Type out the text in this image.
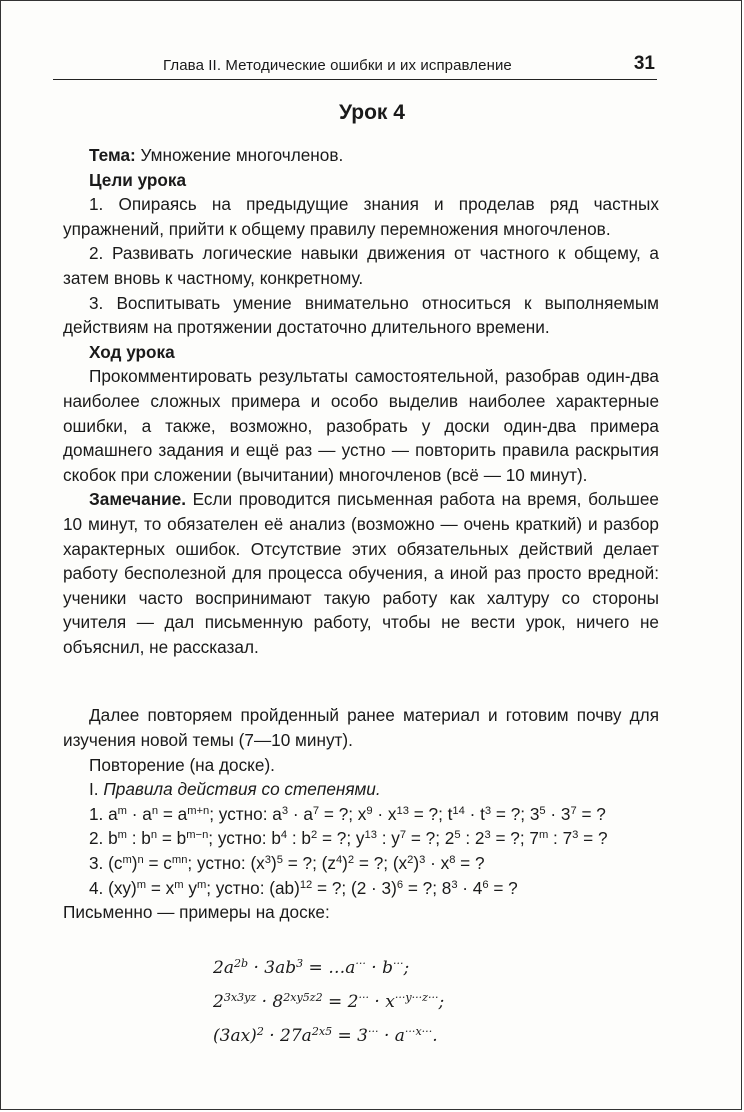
Глава II. Методические ошибки и их исправление	31
Урок 4
Тема: Умножение многочленов.
Цели урока

1. Опираясь на предыдущие знания и проделав ряд частных упражнений, прийти к общему правилу перемножения многочленов.

2. Развивать логические навыки движения от частного к общему, а затем вновь к частному, конкретному.

3. Воспитывать умение внимательно относиться к выполняемым действиям на протяжении достаточно длительного времени.

Ход урока

Прокомментировать результаты самостоятельной, разобрав один-два наиболее сложных примера и особо выделив наиболее характерные ошибки, а также, возможно, разобрать у доски один-два примера домашнего задания и ещё раз — устно — повторить правила раскрытия скобок при сложении (вычитании) многочленов (всё — 10 минут).

Замечание. Если проводится письменная работа на время, большее 10 минут, то обязателен её анализ (возможно — очень краткий) и разбор характерных ошибок. Отсутствие этих обязательных действий делает работу бесполезной для процесса обучения, а иной раз просто вредной: ученики часто воспринимают такую работу как халтуру со стороны учителя — дал письменную работу, чтобы не вести урок, ничего не объяснил, не рассказал.

Далее повторяем пройденный ранее материал и готовим почву для изучения новой темы (7—10 минут).

Повторение (на доске).

I. Правила действия со степенями.

1. $a^m \cdot a^n = a^{m+n}$; устно: $a^3 \cdot a^7$ = ?; $x^9 \cdot x^{13}$ = ?; $t^{14} \cdot t^3$ = ?; $3^5 \cdot 3^7$ = ?

2. $b^m$ : $b^n = b^{m-n}$; устно: $b^4$ : $b^2$ = ?; $y^{13}$ : $y^7$ = ?; $2^5$ : $2^3$ = ?; 7$^m$ : $7^3$ = ?

3. $(c^m)^n = c^{mn}$; устно: $(x^3)^5$ = ?; $(z^4)^2$ = ?; $(x^2)^3 \cdot x^8$ = ?

4. $(xy)^m = x^m$ $y^m$; устно: (ab)$^{12}$ = ?; $(2 \cdot 3)^6$ = ?; $8^3 \cdot 4^6$ = ?

Письменно — примеры на доске:

$2a^{2b} \cdot 3ab^3$ = …a··· · b···;
$2^{3x3yz} \cdot 8^{2xy5z2} = 2^{\cdot\cdot\cdot} \cdot x^{\cdot\cdot\cdot y\cdot\cdot\cdot z\cdot\cdot\cdot}$;
$(3ax)^2 \cdot 27a^{2x5} = 3^{\cdot\cdot\cdot} \cdot a^{\cdot\cdot\cdot x\cdot\cdot\cdot}$.
